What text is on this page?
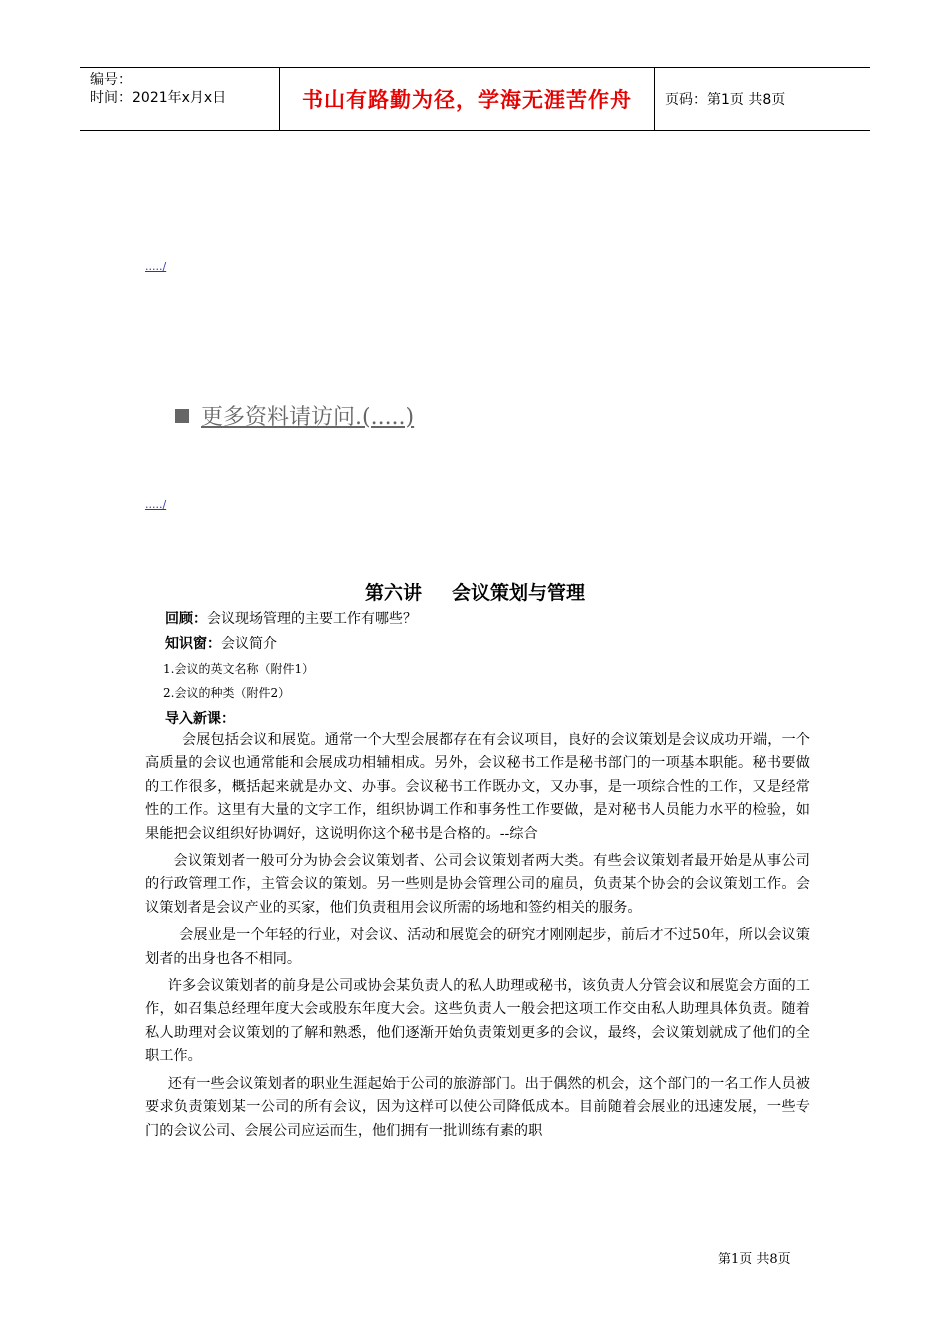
编号：
时间：2021年x月x日	书山有路勤为径，学海无涯苦作舟	页码：第1页 共8页
...../
更多资料请访问.(.....)
...../
第六讲 会议策划与管理
回顾：会议现场管理的主要工作有哪些？
知识窗：会议简介
1.会议的英文名称（附件1）
2.会议的种类（附件2）
导入新课：

会展包括会议和展览。通常一个大型会展都存在有会议项目，良好的会议策划是会议成功开端，一个高质量的会议也通常能和会展成功相辅相成。另外，会议秘书工作是秘书部门的一项基本职能。秘书要做的工作很多，概括起来就是办文、办事。会议秘书工作既办文，又办事，是一项综合性的工作，又是经常性的工作。这里有大量的文字工作，组织协调工作和事务性工作要做，是对秘书人员能力水平的检验，如果能把会议组织好协调好，这说明你这个秘书是合格的。--综合

会议策划者一般可分为协会会议策划者、公司会议策划者两大类。有些会议策划者最开始是从事公司的行政管理工作，主管会议的策划。另一些则是协会管理公司的雇员，负责某个协会的会议策划工作。会议策划者是会议产业的买家，他们负责租用会议所需的场地和签约相关的服务。

会展业是一个年轻的行业，对会议、活动和展览会的研究才刚刚起步，前后才不过50年，所以会议策划者的出身也各不相同。

许多会议策划者的前身是公司或协会某负责人的私人助理或秘书，该负责人分管会议和展览会方面的工作，如召集总经理年度大会或股东年度大会。这些负责人一般会把这项工作交由私人助理具体负责。随着私人助理对会议策划的了解和熟悉，他们逐渐开始负责策划更多的会议，最终，会议策划就成了他们的全职工作。

还有一些会议策划者的职业生涯起始于公司的旅游部门。出于偶然的机会，这个部门的一名工作人员被要求负责策划某一公司的所有会议，因为这样可以使公司降低成本。目前随着会展业的迅速发展，一些专门的会议公司、会展公司应运而生，他们拥有一批训练有素的职

第1页 共8页
